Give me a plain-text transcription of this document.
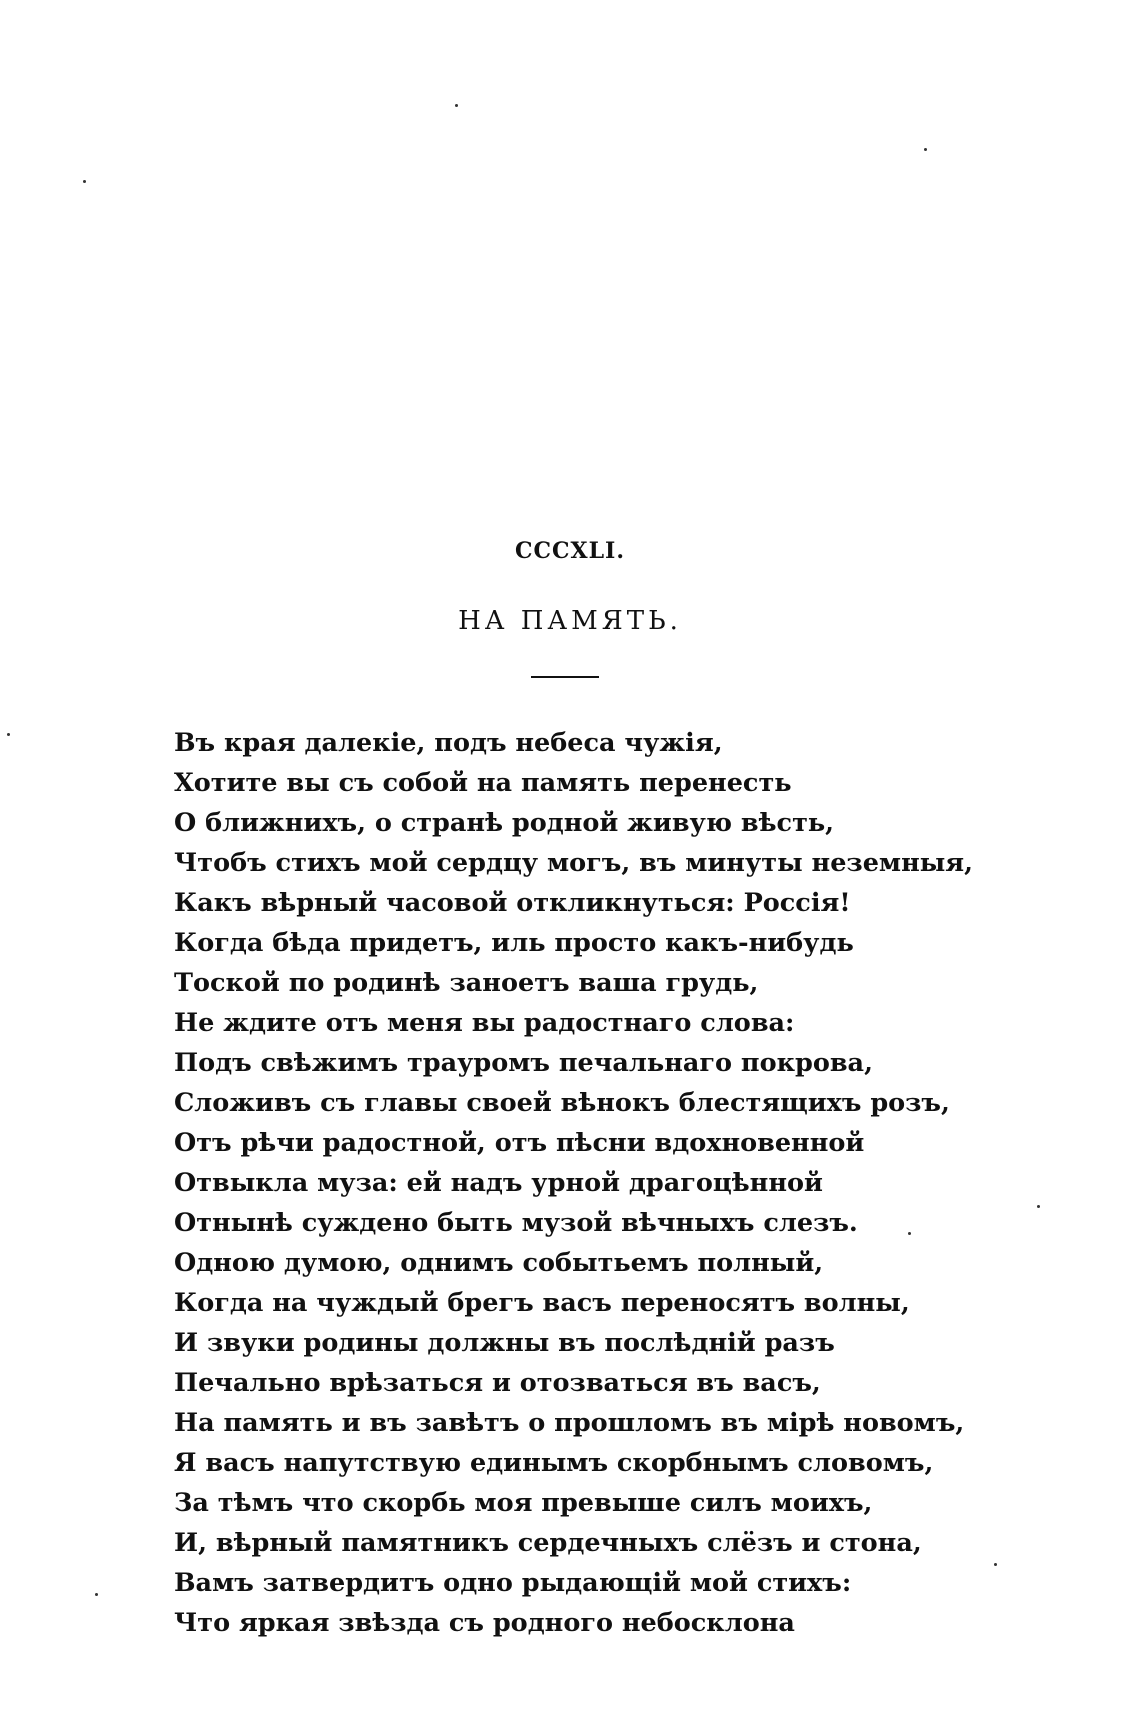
CCCXLI.
НА ПАМЯТЬ.
Въ края далекіе, подъ небеса чужія,
Хотите вы съ собой на память перенесть
О ближнихъ, о странѣ родной живую вѣсть,
Чтобъ стихъ мой сердцу могъ, въ минуты неземныя,
Какъ вѣрный часовой откликнуться: Россія!
Когда бѣда придетъ, иль просто какъ-нибудь
Тоской по родинѣ заноетъ ваша грудь,
Не ждите отъ меня вы радостнаго слова:
Подъ свѣжимъ трауромъ печальнаго покрова,
Сложивъ съ главы своей вѣнокъ блестящихъ розъ,
Отъ рѣчи радостной, отъ пѣсни вдохновенной
Отвыкла муза: ей надъ урной драгоцѣнной
Отнынѣ суждено быть музой вѣчныхъ слезъ.
Одною думою, однимъ событьемъ полный,
Когда на чуждый брегъ васъ переносятъ волны,
И звуки родины должны въ послѣдній разъ
Печально врѣзаться и отозваться въ васъ,
На память и въ завѣтъ о прошломъ въ мірѣ новомъ,
Я васъ напутствую единымъ скорбнымъ словомъ,
За тѣмъ что скорбь моя превыше силъ моихъ,
И, вѣрный памятникъ сердечныхъ слёзъ и стона,
Вамъ затвердитъ одно рыдающій мой стихъ:
Что яркая звѣзда съ родного небосклона
